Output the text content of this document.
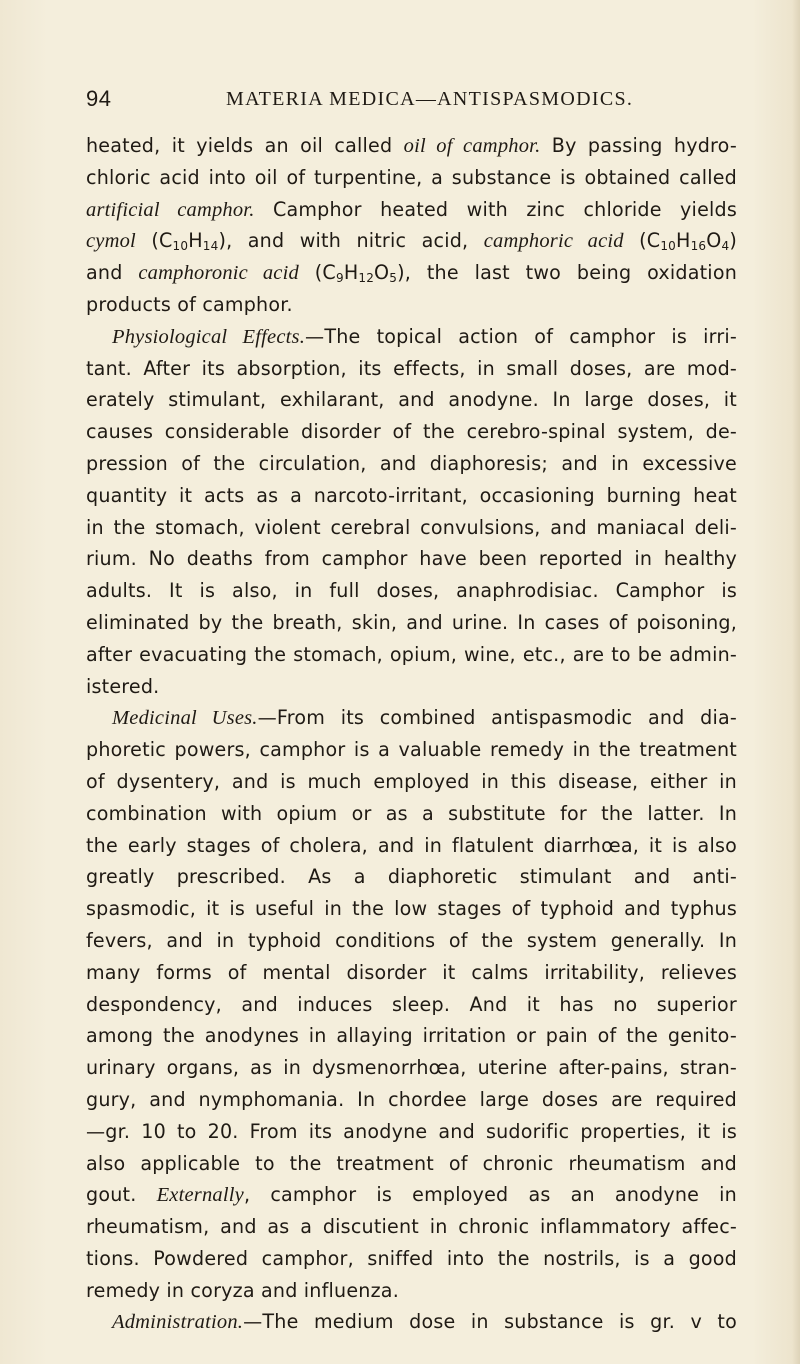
94	MATERIA MEDICA—ANTISPASMODICS.
heated, it yields an oil called oil of camphor. By passing hydro-
chloric acid into oil of turpentine, a substance is obtained called
artificial camphor. Camphor heated with zinc chloride yields
cymol $(C_{10}H_{14})$, and with nitric acid, camphoric acid $(C_{10}H_{16}O_4)$
and camphoronic acid $(C_9H_{12}O_5)$, the last two being oxidation
products of camphor.
Physiological Effects.—The topical action of camphor is irri-
tant. After its absorption, its effects, in small doses, are mod-
erately stimulant, exhilarant, and anodyne. In large doses, it
causes considerable disorder of the cerebro-spinal system, de-
pression of the circulation, and diaphoresis; and in excessive
quantity it acts as a narcoto-irritant, occasioning burning heat
in the stomach, violent cerebral convulsions, and maniacal deli-
rium. No deaths from camphor have been reported in healthy
adults. It is also, in full doses, anaphrodisiac. Camphor is
eliminated by the breath, skin, and urine. In cases of poisoning,
after evacuating the stomach, opium, wine, etc., are to be admin-
istered.
Medicinal Uses.—From its combined antispasmodic and dia-
phoretic powers, camphor is a valuable remedy in the treatment
of dysentery, and is much employed in this disease, either in
combination with opium or as a substitute for the latter. In
the early stages of cholera, and in flatulent diarrhœa, it is also
greatly prescribed. As a diaphoretic stimulant and anti-
spasmodic, it is useful in the low stages of typhoid and typhus
fevers, and in typhoid conditions of the system generally. In
many forms of mental disorder it calms irritability, relieves
despondency, and induces sleep. And it has no superior
among the anodynes in allaying irritation or pain of the genito-
urinary organs, as in dysmenorrhœa, uterine after-pains, stran-
gury, and nymphomania. In chordee large doses are required
—gr. 10 to 20. From its anodyne and sudorific properties, it is
also applicable to the treatment of chronic rheumatism and
gout. Externally, camphor is employed as an anodyne in
rheumatism, and as a discutient in chronic inflammatory affec-
tions. Powdered camphor, sniffed into the nostrils, is a good
remedy in coryza and influenza.
Administration.—The medium dose in substance is gr. v to
